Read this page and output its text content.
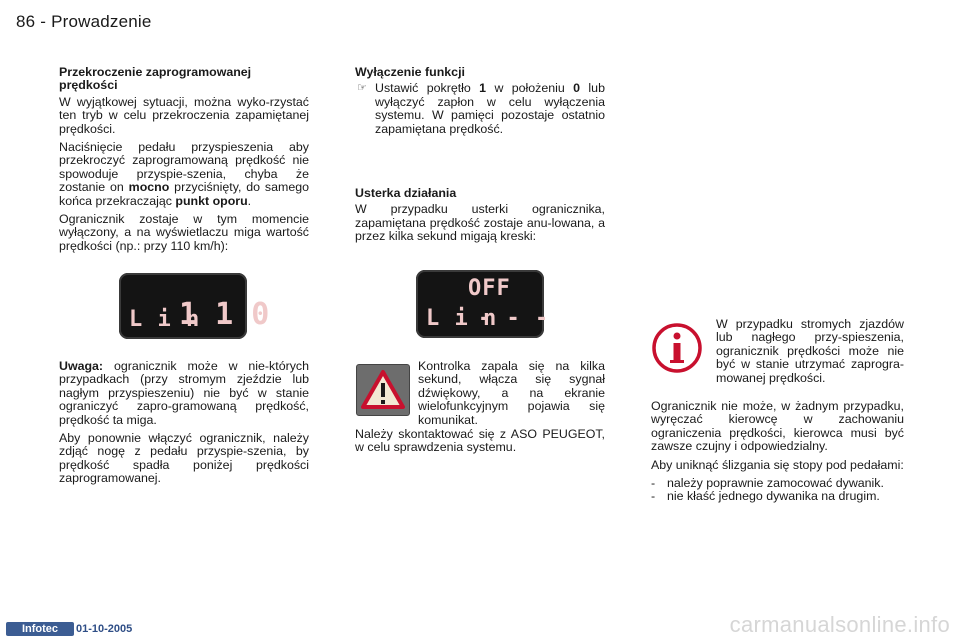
86 - Prowadzenie
Przekroczenie zaprogramowanej
prędkości

W wyjątkowej sytuacji, można wyko-rzystać ten tryb w celu przekroczenia zapamiętanej prędkości.

Naciśnięcie pedału przyspieszenia aby przekroczyć zaprogramowaną prędkość nie spowoduje przyspie-szenia, chyba że zostanie on mocno przyciśnięty, do samego końca przekraczając punkt oporu.

Ogranicznik zostaje w tym momencie wyłączony, a na wyświetlaczu miga wartość prędkości (np.: przy 110 km/h):

L i n
1 1 0

Uwaga: ogranicznik może w nie-których przypadkach (przy stromym zjeździe lub nagłym przyspieszeniu) nie być w stanie ograniczyć zapro-gramowaną prędkość, prędkość ta miga.

Aby ponownie włączyć ogranicznik, należy zdjąć nogę z pedału przyspie-szenia, by prędkość spadła poniżej prędkości zaprogramowanej.

Wyłączenie funkcji
☞ Ustawić pokrętło 1 w położeniu 0 lub wyłączyć zapłon w celu wyłączenia systemu. W pamięci pozostaje ostatnio zapamiętana prędkość.
Usterka działania

W przypadku usterki ogranicznika, zapamiętana prędkość zostaje anu-lowana, a przez kilka sekund migają kreski:

OFF
L i n
- - -

Kontrolka zapala się na kilka sekund, włącza się sygnał dźwiękowy, a na ekranie wielofunkcyjnym pojawia się komunikat.

Należy skontaktować się z ASO PEUGEOT, w celu sprawdzenia systemu.

W przypadku stromych zjazdów lub nagłego przy-spieszenia, ogranicznik prędkości może nie być w stanie utrzymać zaprogra-mowanej prędkości.

Ogranicznik nie może, w żadnym przypadku, wyręczać kierowcę w zachowaniu ograniczenia prędkości, kierowca musi być zawsze czujny i odpowiedzialny.

Aby uniknąć ślizgania się stopy pod pedałami:

- należy poprawnie zamocować dywanik.
- nie kłaść jednego dywanika na drugim.
Infotec	01-10-2005	carmanualsonline.info
